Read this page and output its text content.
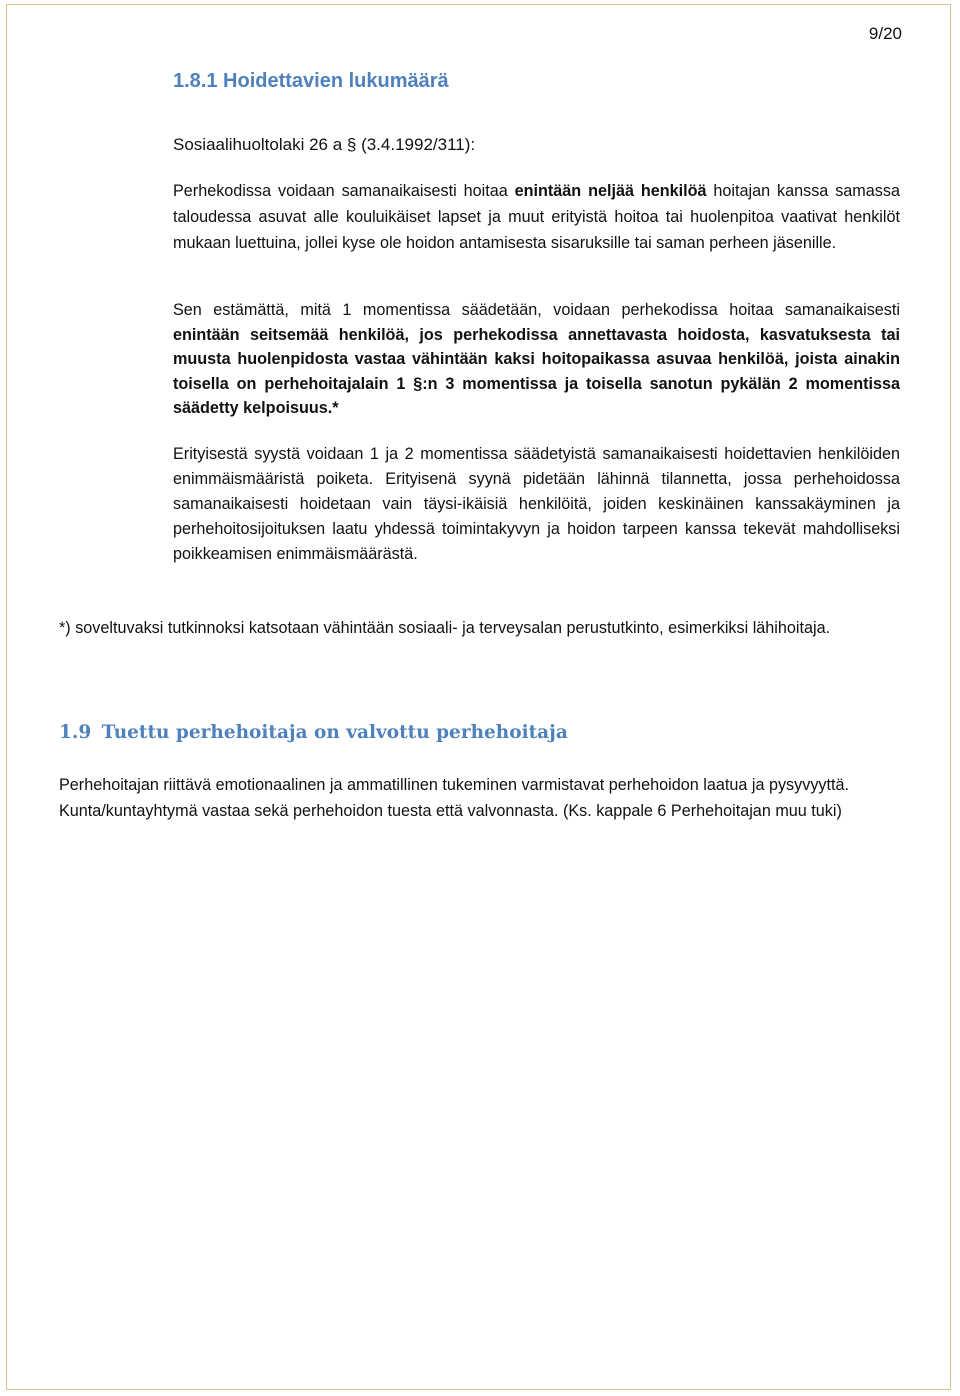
9/20
1.8.1 Hoidettavien lukumäärä

Sosiaalihuoltolaki 26 a § (3.4.1992/311):

Perhekodissa voidaan samanaikaisesti hoitaa enintään neljää henkilöä hoitajan kanssa samassa taloudessa asuvat alle kouluikäiset lapset ja muut erityistä hoitoa tai huolenpitoa vaativat henkilöt mukaan luettuina, jollei kyse ole hoidon antamisesta sisaruksille tai saman perheen jäsenille.

Sen estämättä, mitä 1 momentissa säädetään, voidaan perhekodissa hoitaa samanaikaisesti enintään seitsemää henkilöä, jos perhekodissa annettavasta hoidosta, kasvatuksesta tai muusta huolenpidosta vastaa vähintään kaksi hoitopaikassa asuvaa henkilöä, joista ainakin toisella on perhehoitajalain 1 §:n 3 momentissa ja toisella sanotun pykälän 2 momentissa säädetty kelpoisuus.*

Erityisestä syystä voidaan 1 ja 2 momentissa säädetyistä samanaikaisesti hoidettavien henkilöiden enimmäismääristä poiketa. Erityisenä syynä pidetään lähinnä tilannetta, jossa perhehoidossa samanaikaisesti hoidetaan vain täysi-ikäisiä henkilöitä, joiden keskinäinen kanssakäyminen ja perhehoitosijoituksen laatu yhdessä toimintakyvyn ja hoidon tarpeen kanssa tekevät mahdolliseksi poikkeamisen enimmäismäärästä.

*) soveltuvaksi tutkinnoksi katsotaan vähintään sosiaali- ja terveysalan perustutkinto, esimerkiksi lähihoitaja.

1.9 Tuettu perhehoitaja on valvottu perhehoitaja

Perhehoitajan riittävä emotionaalinen ja ammatillinen tukeminen varmistavat perhehoidon laatua ja pysyvyyttä. Kunta/kuntayhtymä vastaa sekä perhehoidon tuesta että valvonnasta. (Ks. kappale 6 Perhehoitajan muu tuki)
